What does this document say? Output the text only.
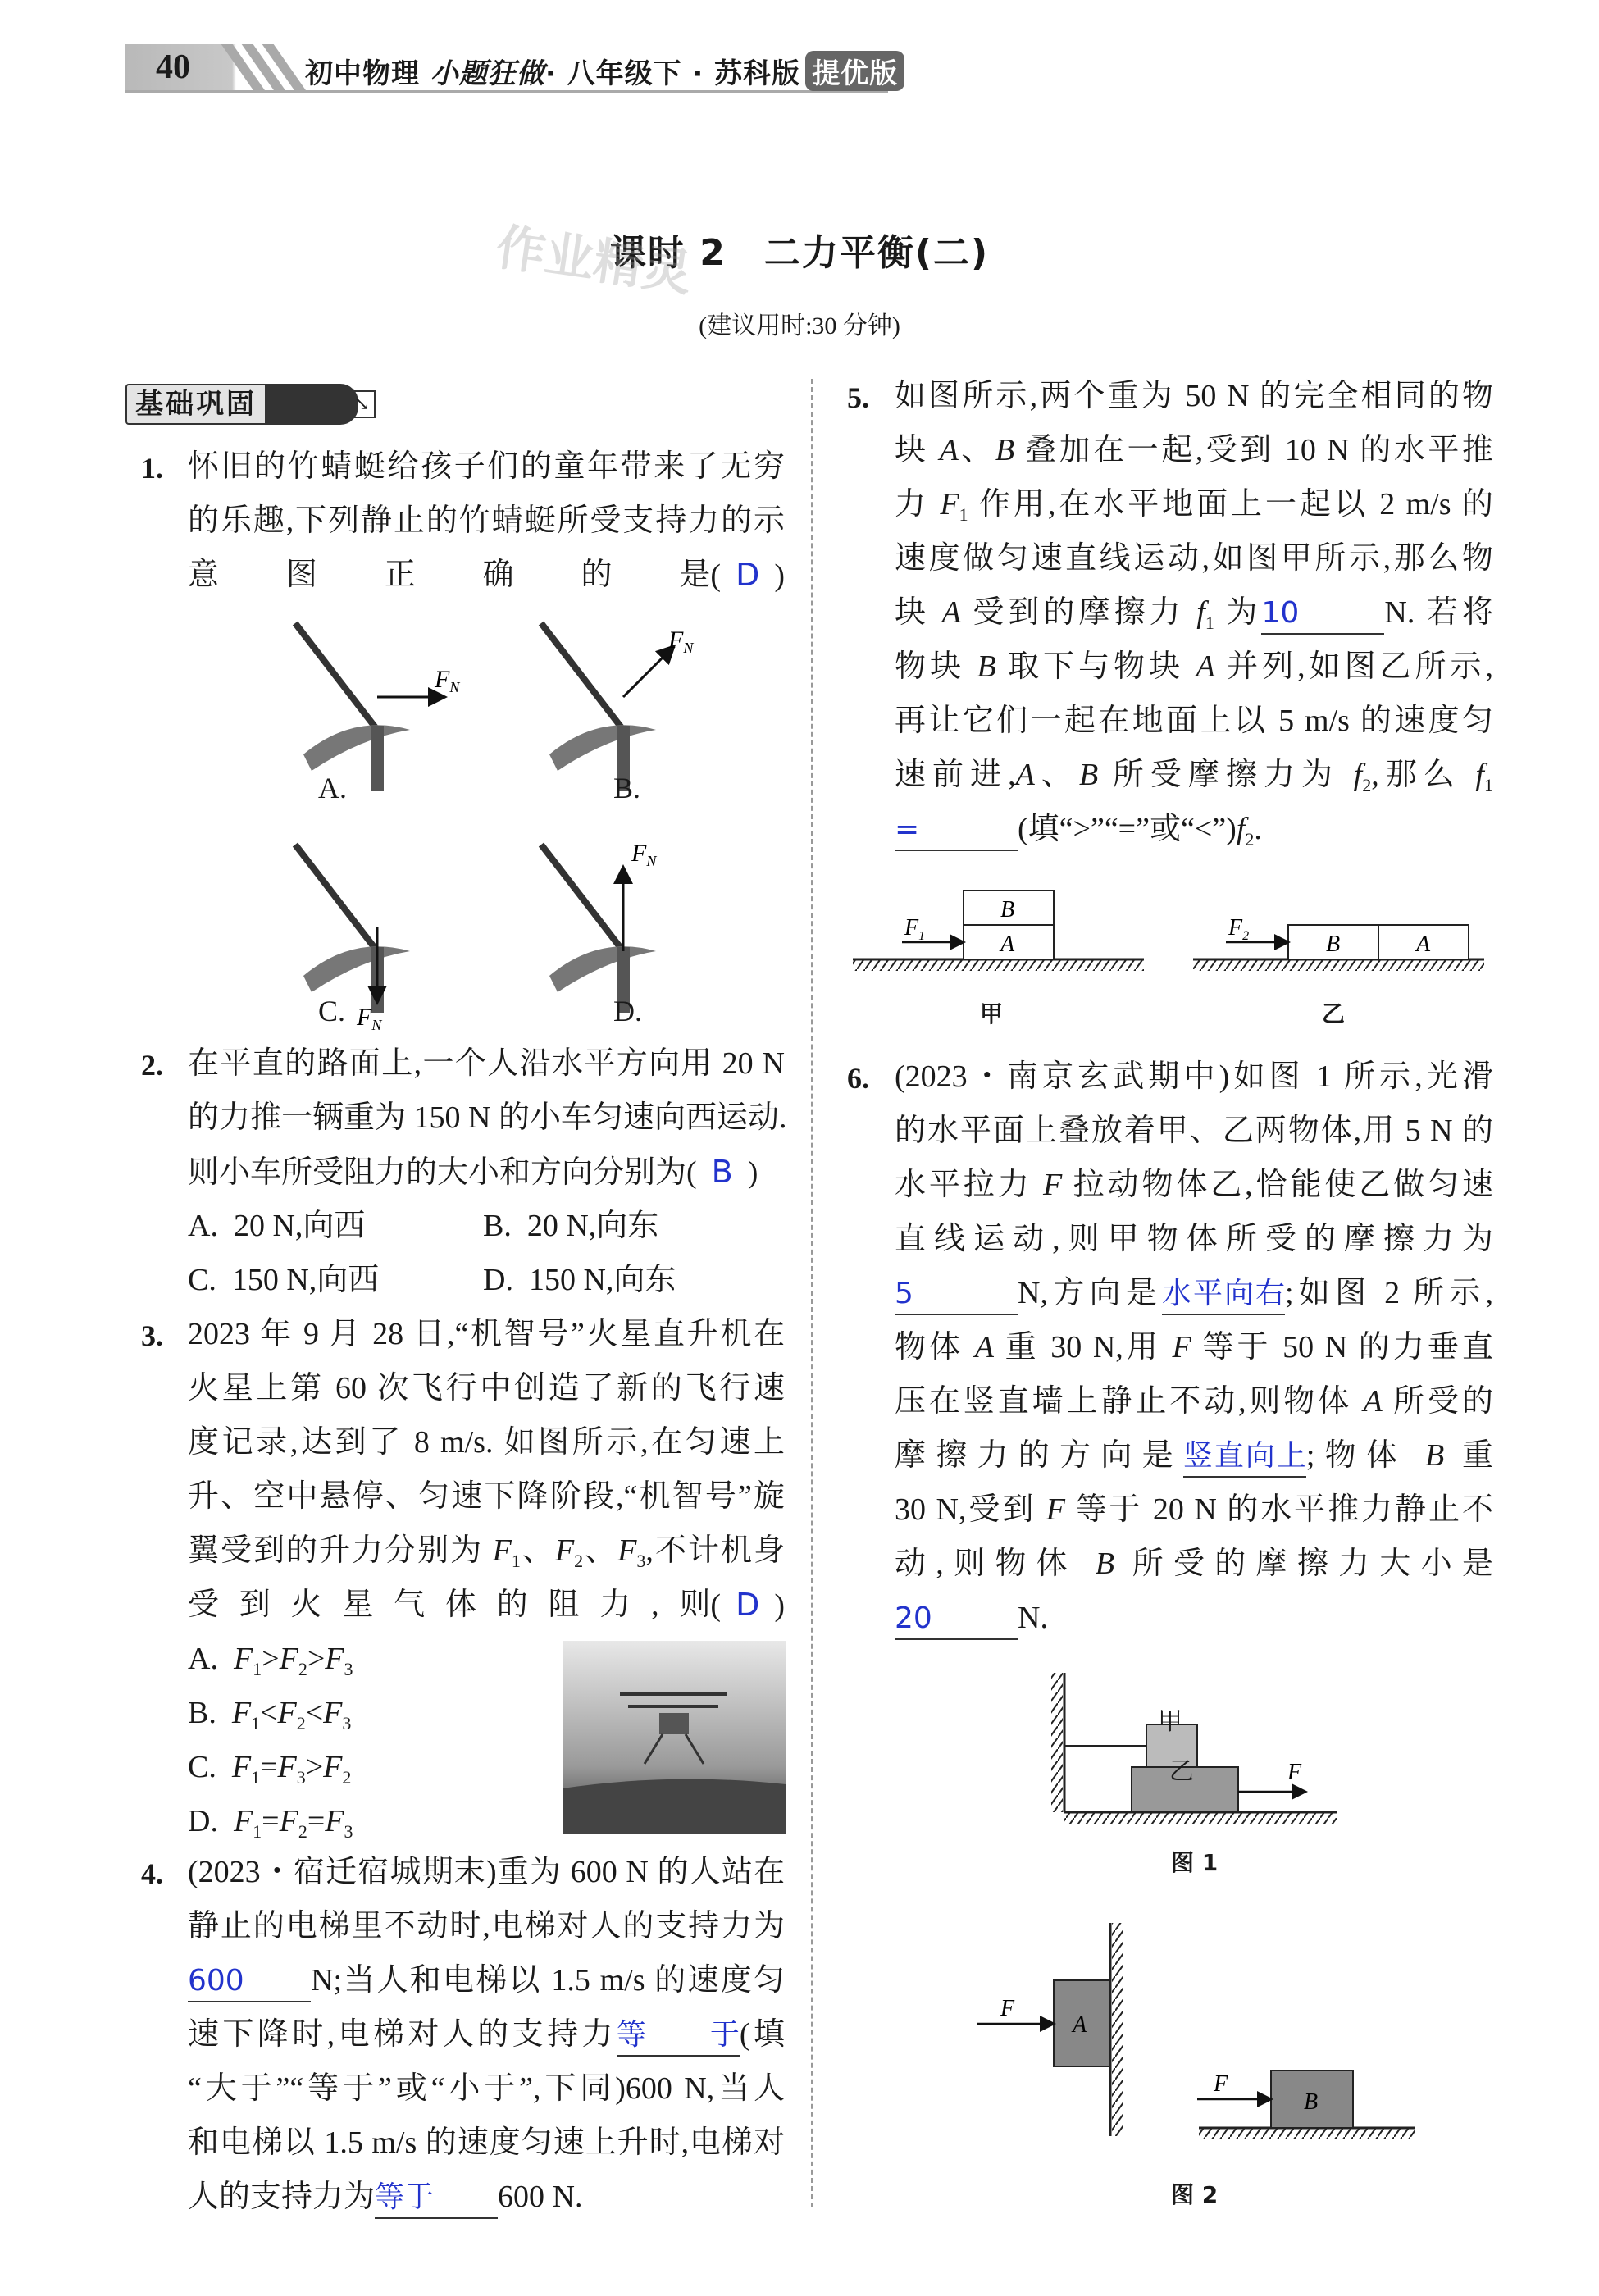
40	初中物理 小题狂做· 八年级下 · 苏科版 提优版
课时 2　二力平衡(二)
作业精灵
(建议用时:30 分钟)
基础巩固	↘
怀旧的竹蜻蜓给孩子们的童年带来了无穷
的乐趣,下列静止的竹蜻蜓所受支持力的示
意图正确的是 ( D )
1.
$F_N$
$F_N$
$F_N$
$F_N$
A.	B.
C.	D.
在平直的路面上,一个人沿水平方向用 20 N
的力推一辆重为 150 N 的小车匀速向西运动.
则小车所受阻力的大小和方向分别为( B )
A.  20 N,向西	B.  20 N,向东
C.  150 N,向西	D.  150 N,向东
2.
2023 年 9 月 28 日,“机智号”火星直升机在
火星上第 60 次飞行中创造了新的飞行速
度记录,达到了 8 m/s. 如图所示,在匀速上
升、空中悬停、匀速下降阶段,“机智号”旋
翼受到的升力分别为 $F_1$、$F_2$、$F_3$,不计机身
受到火星气体的阻力,则 ( D )
A.  $F_1>F_2>F_3$
B.  $F_1<F_2<F_3$
C.  $F_1=F_3>F_2$
D.  $F_1=F_2=F_3$
3.
(2023・宿迁宿城期末)重为 600 N 的人站在
静止的电梯里不动时,电梯对人的支持力为
600 N;当人和电梯以 1.5 m/s 的速度匀
速下降时,电梯对人的支持力等于(填
“大于”“等于”或“小于”,下同)600 N,当人
和电梯以 1.5 m/s 的速度匀速上升时,电梯对
人的支持力为等于 600 N.
4.
如图所示,两个重为 50 N 的完全相同的物
块 A、B 叠加在一起,受到 10 N 的水平推
力 $F_1$ 作用,在水平地面上一起以 2 m/s 的
速度做匀速直线运动,如图甲所示,那么物
块 A 受到的摩擦力 $f_1$ 为10	N. 若将
物块 B 取下与物块 A 并列,如图乙所示,
再让它们一起在地面上以 5 m/s 的速度匀
速前进,A、B 所受摩擦力为 $f_2$,那么 $f_1$
=	(填“>”“=”或“$<”)f_2$.
5.
B
A
$F_1$	B	A
$F_2$
甲	乙
(2023・南京玄武期中)如图 1 所示,光滑
的水平面上叠放着甲、乙两物体,用 5 N 的
水平拉力 F 拉动物体乙,恰能使乙做匀速
直线运动,则甲物体所受的摩擦力为
5	N,方向是水平向右;如图 2 所示,
物体 A 重 30 N,用 F 等于 50 N 的力垂直
压在竖直墙上静止不动,则物体 A 所受的
摩擦力的方向是竖直向上;物体 B 重
30 N,受到 F 等于 20 N 的水平推力静止不
动,则物体 B 所受的摩擦力大小是
20	N.
6.
F
甲
乙
图 1
A
F
B
F
图 2
